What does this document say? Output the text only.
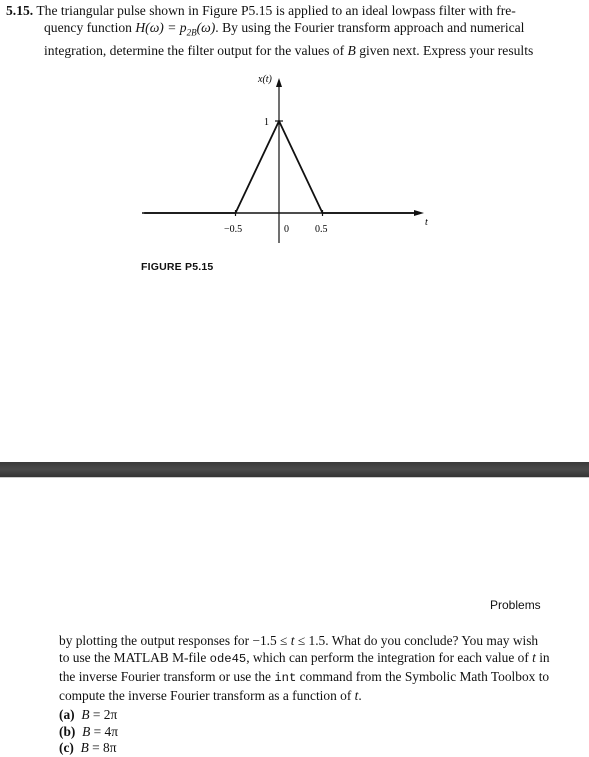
5.15. The triangular pulse shown in Figure P5.15 is applied to an ideal lowpass filter with fre-

quency function $H(\omega) = p_{2B}(\omega)$. By using the Fourier transform approach and numerical

integration, determine the filter output for the values of B given next. Express your results

x(t)
t
1
−0.5	0	0.5
FIGURE P5.15
Problems

by plotting the output responses for −1.5 ≤ t ≤ 1.5. What do you conclude? You may wish

to use the MATLAB M-file ode45, which can perform the integration for each value of t in

the inverse Fourier transform or use the int command from the Symbolic Math Toolbox to

compute the inverse Fourier transform as a function of t.

(a) B = 2π
(b) B = 4π
(c) B = 8π
